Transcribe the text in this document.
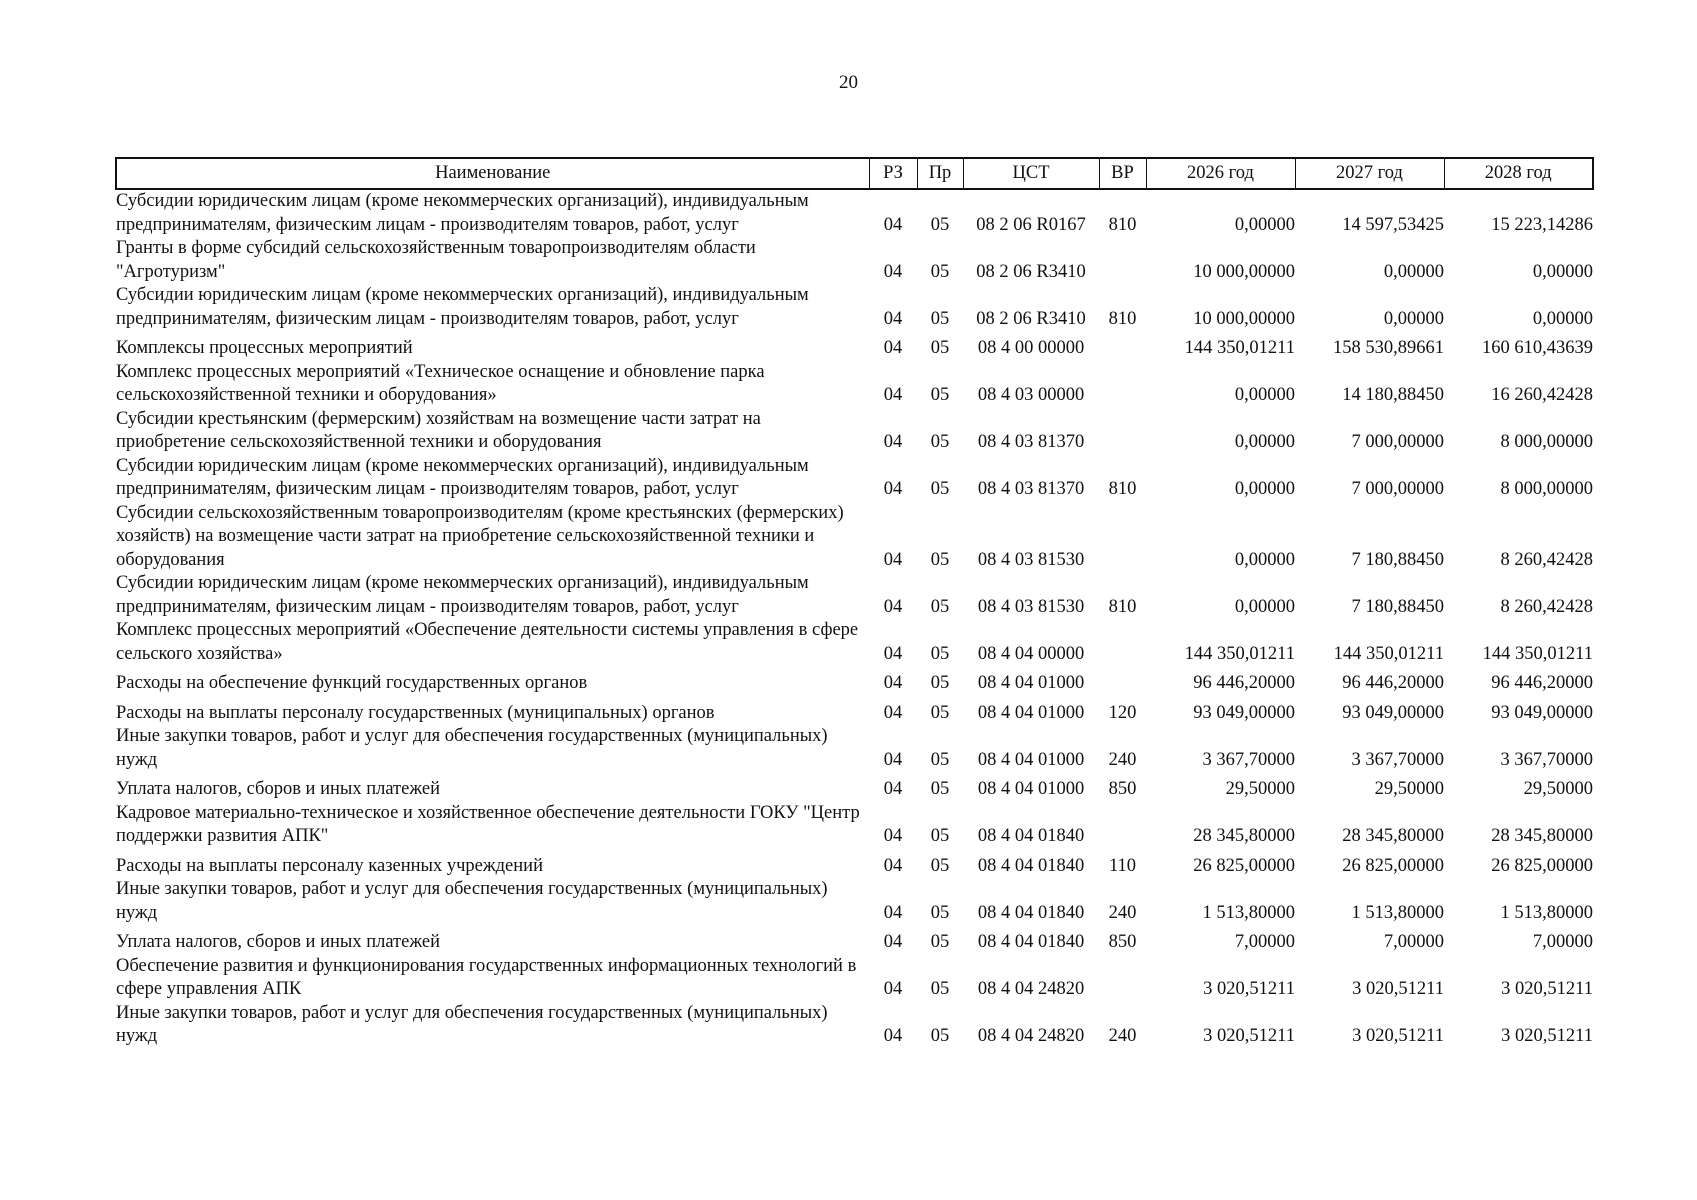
20
Наименование	РЗ	Пр	ЦСТ	ВР	2026 год	2027 год	2028 год
Субсидии юридическим лицам (кроме некоммерческих организаций), индивидуальным предпринимателям, физическим лицам - производителям товаров, работ, услуг	04	05	08 2 06 R0167	810	0,00000	14 597,53425	15 223,14286
Гранты в форме субсидий сельскохозяйственным товаропроизводителям области "Агротуризм"	04	05	08 2 06 R3410		10 000,00000	0,00000	0,00000
Субсидии юридическим лицам (кроме некоммерческих организаций), индивидуальным предпринимателям, физическим лицам - производителям товаров, работ, услуг	04	05	08 2 06 R3410	810	10 000,00000	0,00000	0,00000
Комплексы процессных мероприятий	04	05	08 4 00 00000		144 350,01211	158 530,89661	160 610,43639
Комплекс процессных мероприятий «Техническое оснащение и обновление парка сельскохозяйственной техники и оборудования»	04	05	08 4 03 00000		0,00000	14 180,88450	16 260,42428
Субсидии крестьянским (фермерским) хозяйствам на возмещение части затрат на приобретение сельскохозяйственной техники и оборудования	04	05	08 4 03 81370		0,00000	7 000,00000	8 000,00000
Субсидии юридическим лицам (кроме некоммерческих организаций), индивидуальным предпринимателям, физическим лицам - производителям товаров, работ, услуг	04	05	08 4 03 81370	810	0,00000	7 000,00000	8 000,00000
Субсидии сельскохозяйственным товаропроизводителям (кроме крестьянских (фермерских) хозяйств) на возмещение части затрат на приобретение сельскохозяйственной техники и оборудования	04	05	08 4 03 81530		0,00000	7 180,88450	8 260,42428
Субсидии юридическим лицам (кроме некоммерческих организаций), индивидуальным предпринимателям, физическим лицам - производителям товаров, работ, услуг	04	05	08 4 03 81530	810	0,00000	7 180,88450	8 260,42428
Комплекс процессных мероприятий «Обеспечение деятельности системы управления в сфере сельского хозяйства»	04	05	08 4 04 00000		144 350,01211	144 350,01211	144 350,01211
Расходы на обеспечение функций государственных органов	04	05	08 4 04 01000		96 446,20000	96 446,20000	96 446,20000
Расходы на выплаты персоналу государственных (муниципальных) органов	04	05	08 4 04 01000	120	93 049,00000	93 049,00000	93 049,00000
Иные закупки товаров, работ и услуг для обеспечения государственных (муниципальных) нужд	04	05	08 4 04 01000	240	3 367,70000	3 367,70000	3 367,70000
Уплата налогов, сборов и иных платежей	04	05	08 4 04 01000	850	29,50000	29,50000	29,50000
Кадровое материально-техническое и хозяйственное обеспечение деятельности ГОКУ "Центр поддержки развития АПК"	04	05	08 4 04 01840		28 345,80000	28 345,80000	28 345,80000
Расходы на выплаты персоналу казенных учреждений	04	05	08 4 04 01840	110	26 825,00000	26 825,00000	26 825,00000
Иные закупки товаров, работ и услуг для обеспечения государственных (муниципальных) нужд	04	05	08 4 04 01840	240	1 513,80000	1 513,80000	1 513,80000
Уплата налогов, сборов и иных платежей	04	05	08 4 04 01840	850	7,00000	7,00000	7,00000
Обеспечение развития и функционирования государственных информационных технологий в сфере управления АПК	04	05	08 4 04 24820		3 020,51211	3 020,51211	3 020,51211
Иные закупки товаров, работ и услуг для обеспечения государственных (муниципальных) нужд	04	05	08 4 04 24820	240	3 020,51211	3 020,51211	3 020,51211
